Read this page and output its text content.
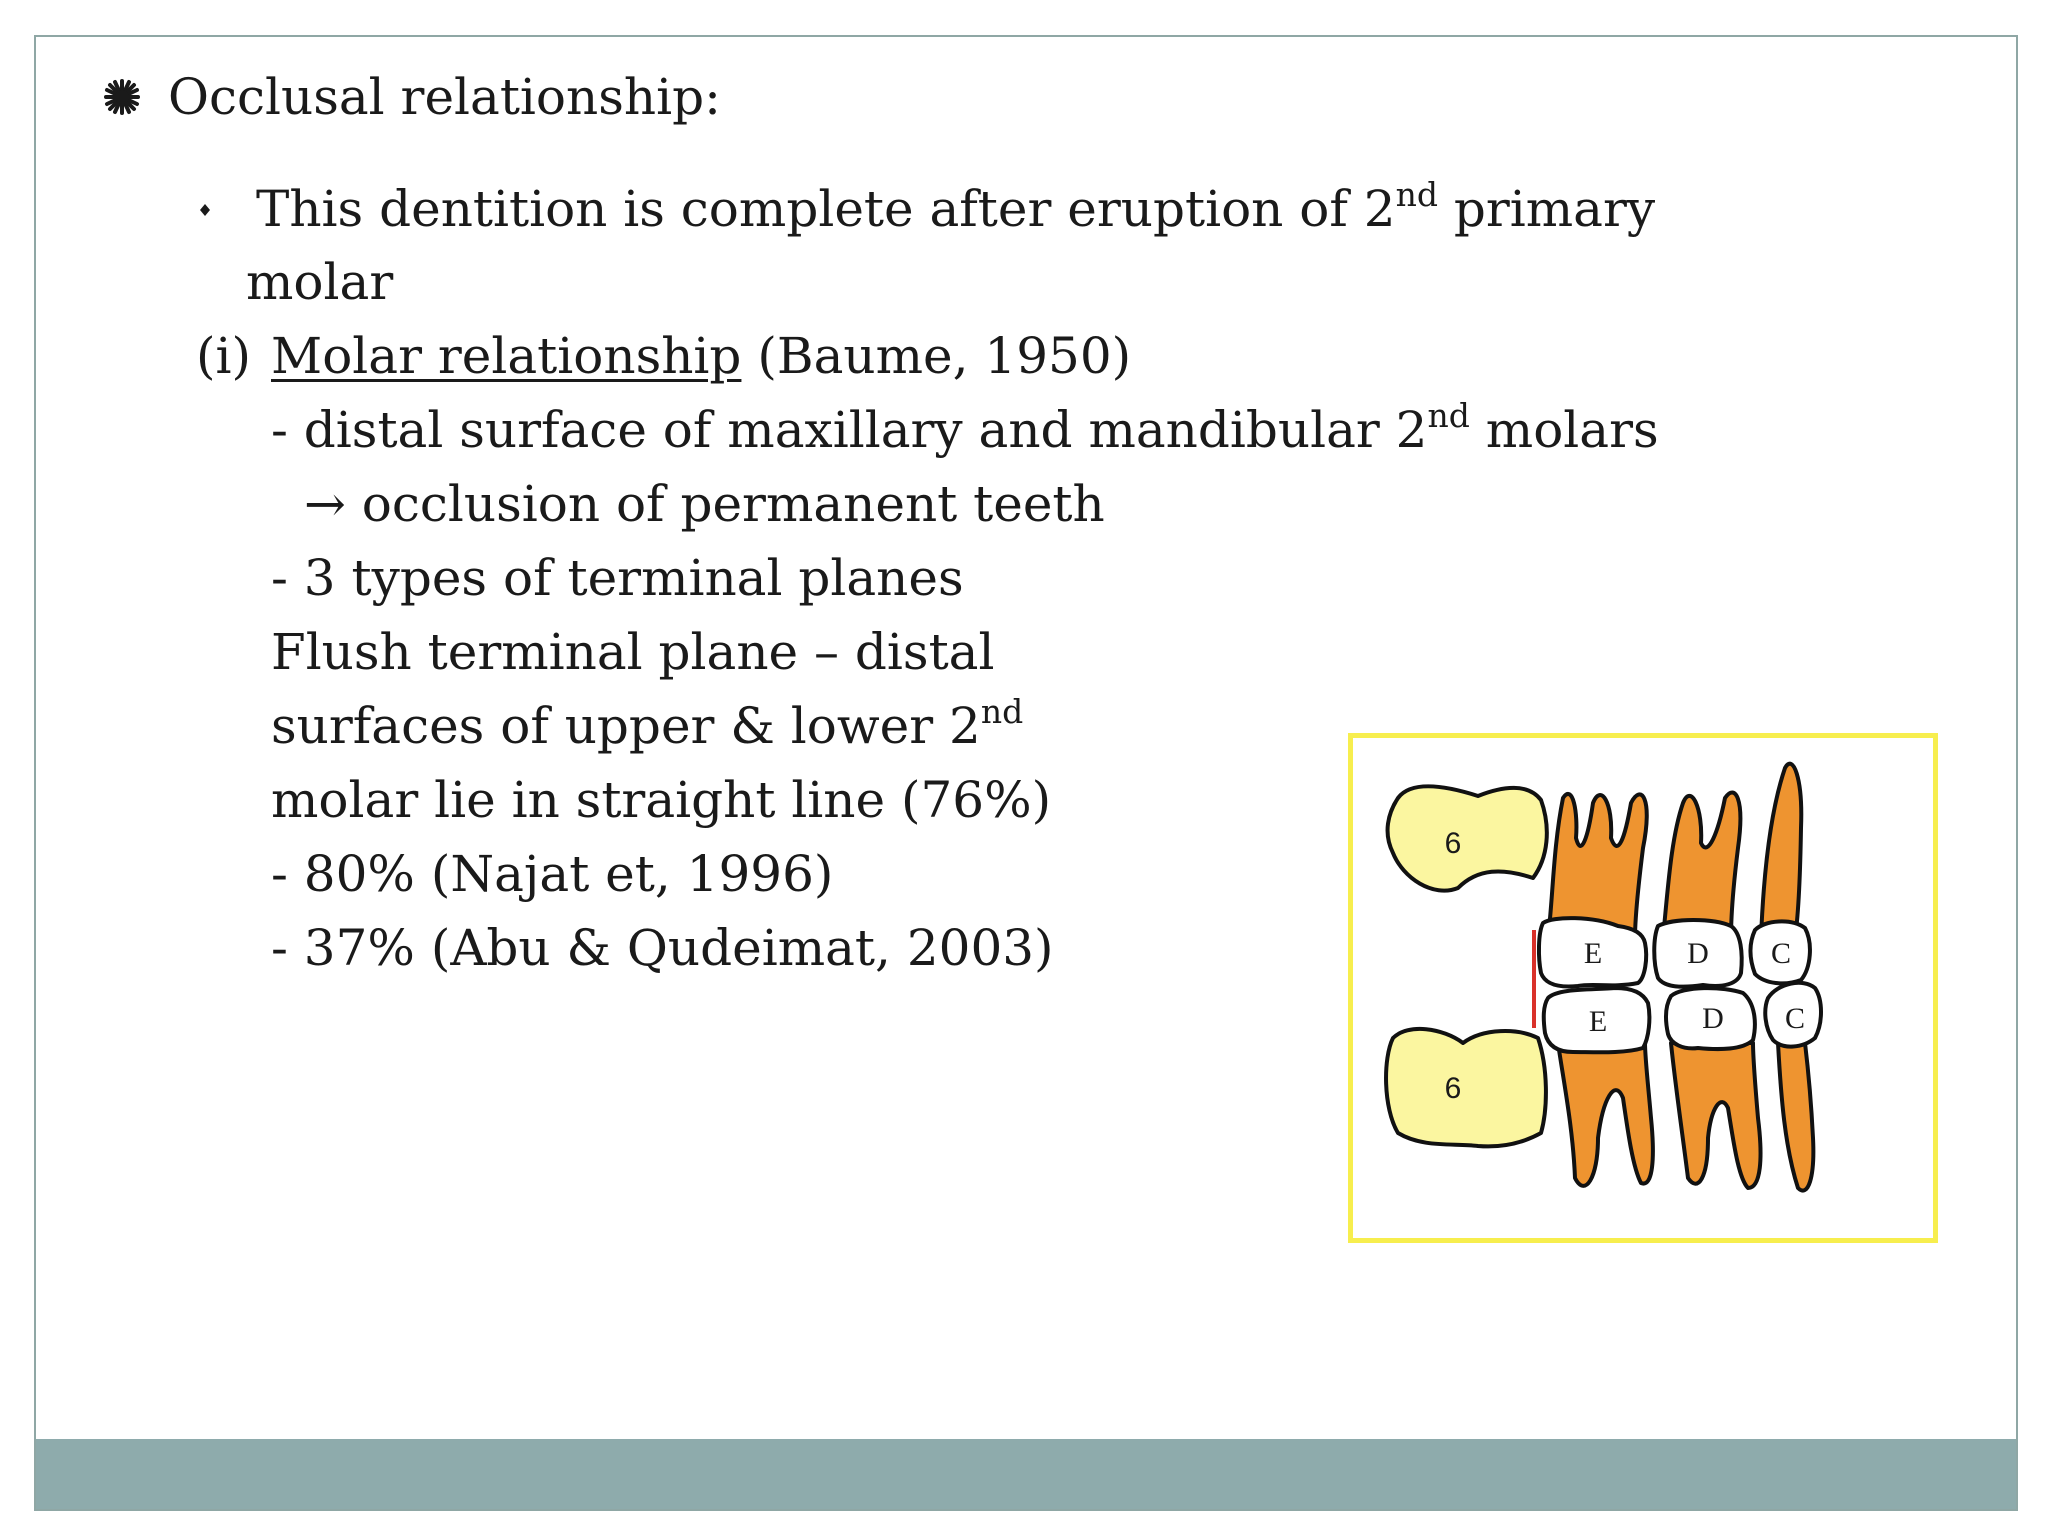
Occlusal relationship:
This dentition is complete after eruption of 2nd primary
molar
(i) Molar relationship (Baume, 1950)
- distal surface of maxillary and mandibular 2nd molars
→ occlusion of permanent teeth
- 3 types of terminal planes
Flush terminal plane – distal
surfaces of upper & lower 2nd
molar lie in straight line (76%)
- 80% (Najat et, 1996)
- 37% (Abu & Qudeimat, 2003)
6
6
E	D C
E	D C
